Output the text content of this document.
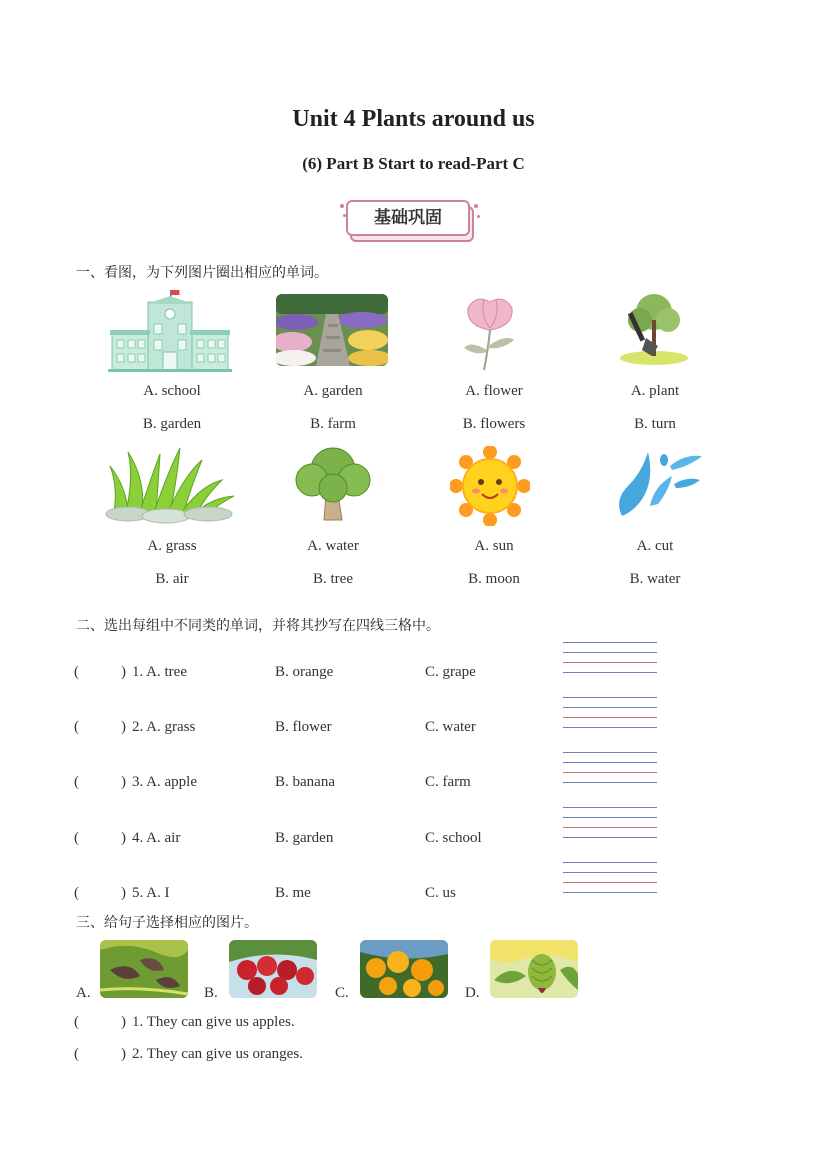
Unit 4 Plants around us
(6) Part B Start to read-Part C
基础巩固
一、看图，为下列图片圈出相应的单词。
A. school
B. garden
A. garden
B. farm
A. flower
B. flowers
A. plant
B. turn
A. grass
B. air
A. water
B. tree
A. sun
B. moon
A. cut
B. water
二、选出每组中不同类的单词，并将其抄写在四线三格中。
(	) 1. A. tree	B. orange	C. grape
(	) 2. A. grass	B. flower	C. water
(	) 3. A. apple	B. banana	C. farm
(	) 4. A. air	B. garden	C. school
(	) 5. A. I	B. me	C. us
三、给句子选择相应的图片。
A.	B.	C.	D.
(	) 1. They can give us apples.
(	) 2. They can give us oranges.
